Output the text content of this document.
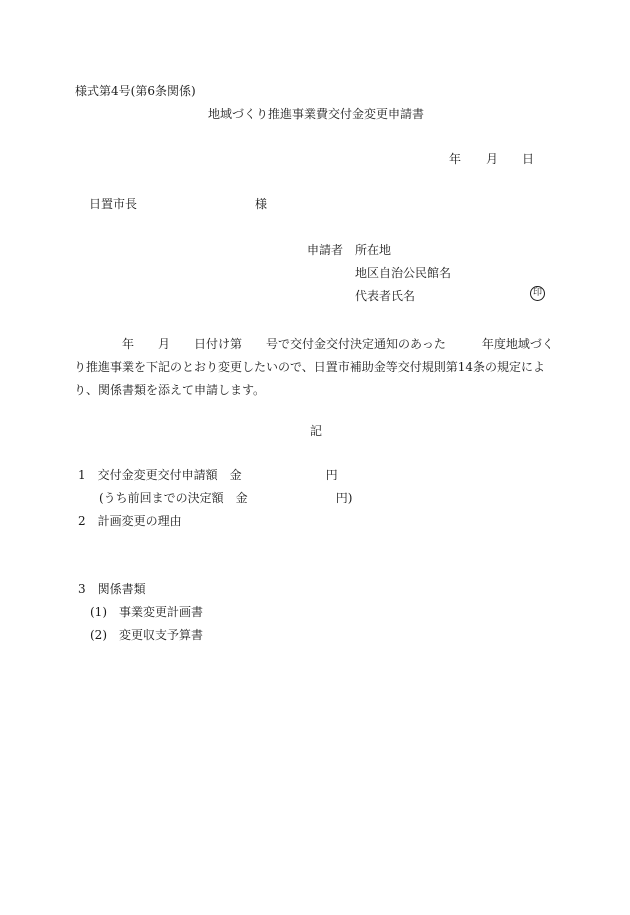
様式第4号(第6条関係)
地域づくり推進事業費交付金変更申請書
年 月 日
日置市長	様
申請者 所在地
地区自治公民館名
代表者氏名	印
　　　　年　　月　　日付け第　　号で交付金交付決定通知のあった　　　年度地域づくり推進事業を下記のとおり変更したいので、日置市補助金等交付規則第14条の規定により、関係書類を添えて申請します。
記
1　交付金変更交付申請額　金	円
(うち前回までの決定額　金	円)
2　計画変更の理由
3　関係書類
(1)　事業変更計画書
(2)　変更収支予算書
